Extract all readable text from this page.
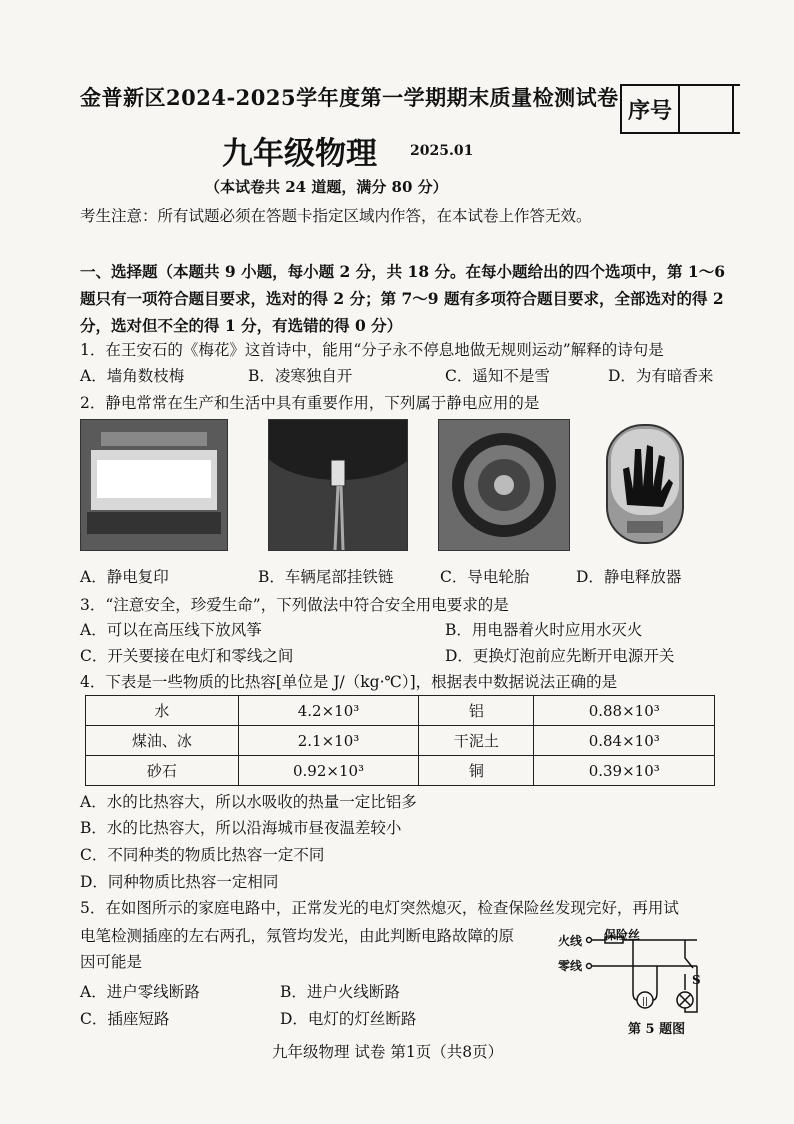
金普新区2024-2025学年度第一学期期末质量检测试卷 序号
九年级物理 2025.01
（本试卷共 24 道题，满分 80 分）
考生注意：所有试题必须在答题卡指定区域内作答，在本试卷上作答无效。
一、选择题（本题共 9 小题，每小题 2 分，共 18 分。在每小题给出的四个选项中，第 1～6 题只有一项符合题目要求，选对的得 2 分；第 7～9 题有多项符合题目要求，全部选对的得 2 分，选对但不全的得 1 分，有选错的得 0 分）
1．在王安石的《梅花》这首诗中，能用“分子永不停息地做无规则运动”解释的诗句是
A．墙角数枝梅	B．凌寒独自开	C．遥知不是雪	D．为有暗香来
2．静电常常在生产和生活中具有重要作用，下列属于静电应用的是
A．静电复印	B．车辆尾部挂铁链	C．导电轮胎	D．静电释放器
3．“注意安全，珍爱生命”，下列做法中符合安全用电要求的是
A．可以在高压线下放风筝	B．用电器着火时应用水灭火
C．开关要接在电灯和零线之间	D．更换灯泡前应先断开电源开关
4．下表是一些物质的比热容[单位是 J/（kg·℃）]，根据表中数据说法正确的是
水	4.2×10³	铝	0.88×10³
煤油、冰	2.1×10³	干泥土	0.84×10³
砂石	0.92×10³	铜	0.39×10³
A．水的比热容大，所以水吸收的热量一定比铝多
B．水的比热容大，所以沿海城市昼夜温差较小
C．不同种类的物质比热容一定不同
D．同种物质比热容一定相同
5．在如图所示的家庭电路中，正常发光的电灯突然熄灭，检查保险丝发现完好，再用试
电笔检测插座的左右两孔，氖管均发光，由此判断电路故障的原
因可能是
A．进户零线断路	B．进户火线断路
C．插座短路	D．电灯的灯丝断路
火线
零线
保险丝
S
||
第 5 题图
九年级物理 试卷 第1页（共8页）
